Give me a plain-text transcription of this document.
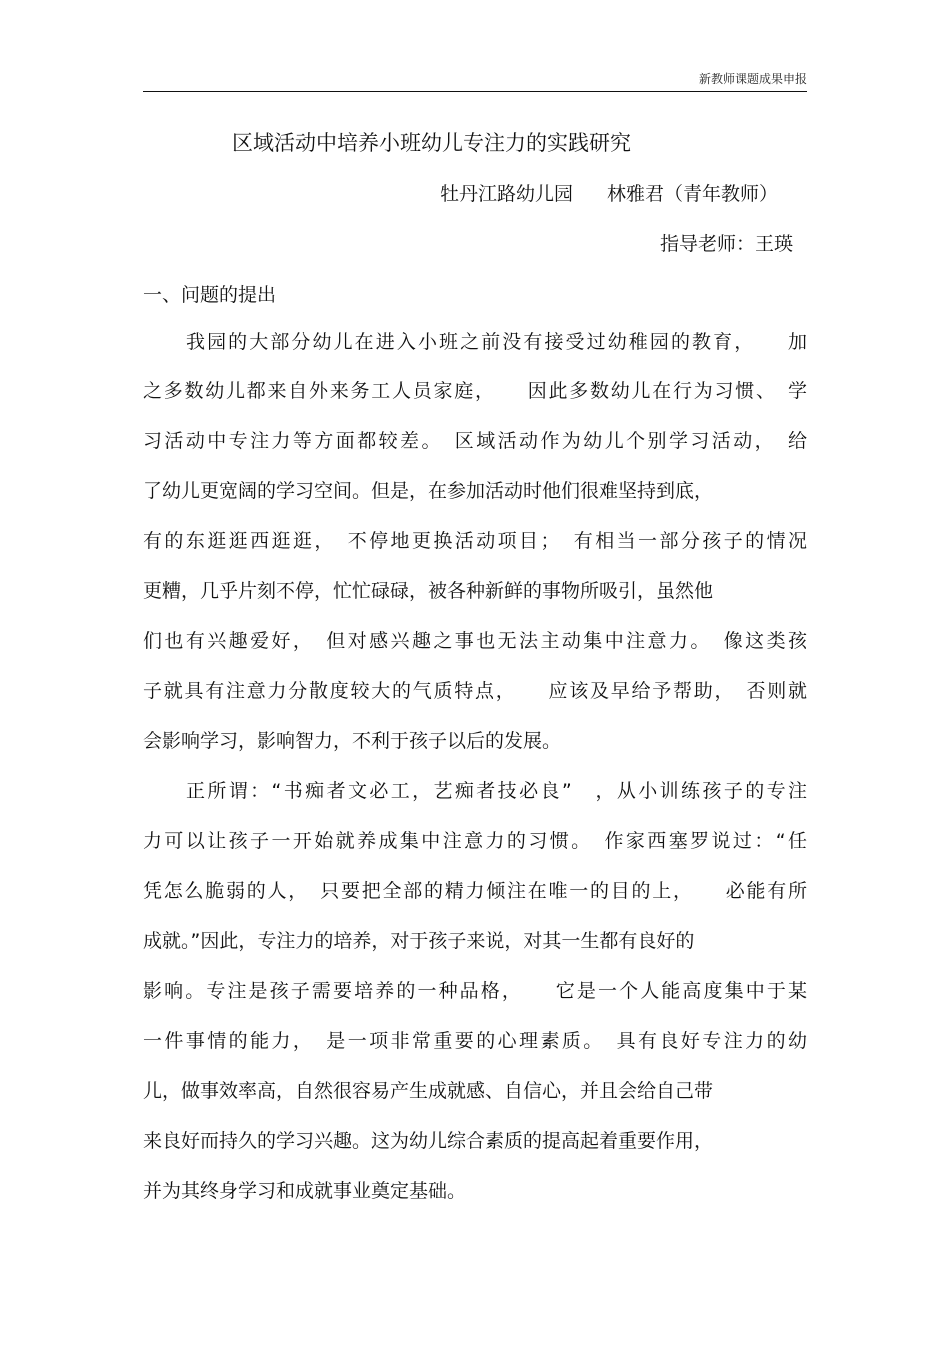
新教师课题成果申报
区域活动中培养小班幼儿专注力的实践研究
牡丹江路幼儿园 林雅君（青年教师）
指导老师：王瑛
一、问题的提出
我园的大部分幼儿在进入小班之前没有接受过幼稚园的教育，　　加
之多数幼儿都来自外来务工人员家庭，　　因此多数幼儿在行为习惯、　学
习活动中专注力等方面都较差。　区域活动作为幼儿个别学习活动，　给
了幼儿更宽阔的学习空间。但是，在参加活动时他们很难坚持到底，
有的东逛逛西逛逛，　不停地更换活动项目；　有相当一部分孩子的情况
更糟，几乎片刻不停，忙忙碌碌，被各种新鲜的事物所吸引，虽然他
们也有兴趣爱好，　但对感兴趣之事也无法主动集中注意力。　像这类孩
子就具有注意力分散度较大的气质特点，　　应该及早给予帮助，　否则就
会影响学习，影响智力，不利于孩子以后的发展。
正所谓：“书痴者文必工，艺痴者技必良”　，从小训练孩子的专注
力可以让孩子一开始就养成集中注意力的习惯。　作家西塞罗说过：“任
凭怎么脆弱的人，　只要把全部的精力倾注在唯一的目的上，　　必能有所
成就。”因此，专注力的培养，对于孩子来说，对其一生都有良好的
影响。专注是孩子需要培养的一种品格，　　它是一个人能高度集中于某
一件事情的能力，　是一项非常重要的心理素质。　具有良好专注力的幼
儿，做事效率高，自然很容易产生成就感、自信心，并且会给自己带
来良好而持久的学习兴趣。这为幼儿综合素质的提高起着重要作用，
并为其终身学习和成就事业奠定基础。
